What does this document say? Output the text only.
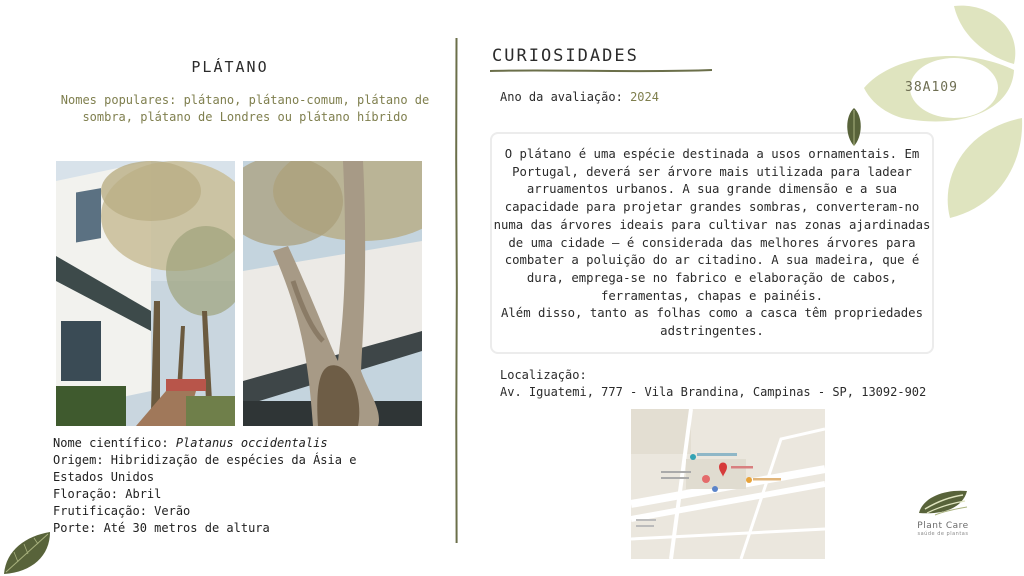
PLÁTANO
Nomes populares: plátano, plátano-comum, plátano de sombra, plátano de Londres ou plátano híbrido
Nome científico: Platanus occidentalis
Origem: Hibridização de espécies da Ásia e
Estados Unidos
Floração: Abril
Frutificação: Verão
Porte: Até 30 metros de altura
CURIOSIDADES
Ano da avaliação: 2024
O plátano é uma espécie destinada a usos ornamentais. Em Portugal, deverá ser árvore mais utilizada para ladear arruamentos urbanos. A sua grande dimensão e a sua capacidade para projetar grandes sombras, converteram-no numa das árvores ideais para cultivar nas zonas ajardinadas de uma cidade – é considerada das melhores árvores para combater a poluição do ar citadino. A sua madeira, que é dura, emprega-se no fabrico e elaboração de cabos, ferramentas, chapas e painéis.
Além disso, tanto as folhas como a casca têm propriedades adstringentes.
Localização:
Av. Iguatemi, 777 - Vila Brandina, Campinas - SP, 13092-902
38A109
Plant Care
saúde de plantas
